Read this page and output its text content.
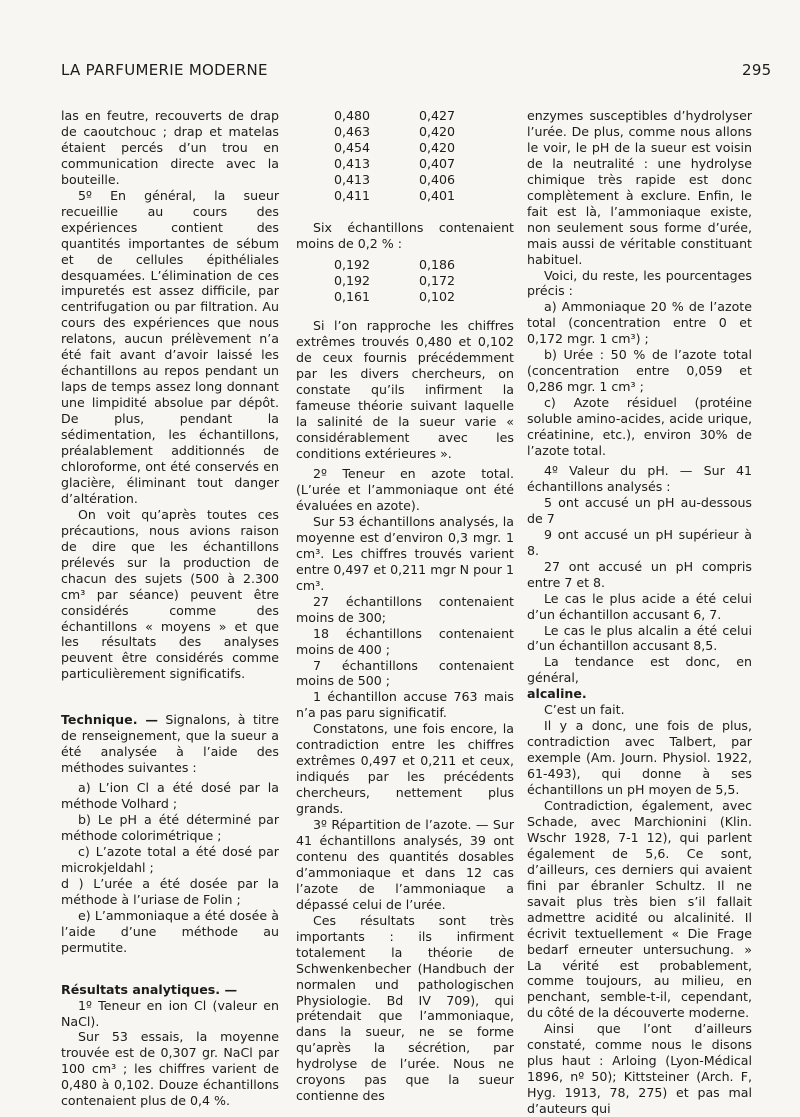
LA PARFUMERIE MODERNE	295
las en feutre, recouverts de drap de caoutchouc ; drap et matelas étaient percés d’un trou en communication directe avec la bouteille.
5º En général, la sueur recueillie au cours des expériences contient des quantités importantes de sébum et de cellules épithéliales desquamées. L’élimination de ces impuretés est assez difficile, par centrifugation ou par filtration. Au cours des expériences que nous relatons, aucun prélèvement n’a été fait avant d’avoir laissé les échantillons au repos pendant un laps de temps assez long donnant une limpidité absolue par dépôt. De plus, pendant la sédimentation, les échantillons, préalablement additionnés de chloroforme, ont été conservés en glacière, éliminant tout danger d’altération.
On voit qu’après toutes ces précautions, nous avions raison de dire que les échantillons prélevés sur la production de chacun des sujets (500 à 2.300 cm³ par séance) peuvent être considérés comme des échantillons « moyens » et que les résultats des analyses peuvent être considérés comme particulièrement significatifs.
Technique. — Signalons, à titre de renseignement, que la sueur a été analysée à l’aide des méthodes suivantes :
a) L’ion Cl a été dosé par la méthode Volhard ;
b) Le pH a été déterminé par méthode colorimétrique ;
c) L’azote total a été dosé par microkjeldahl ;
d ) L’urée a été dosée par la méthode à l’uriase de Folin ;
e) L’ammoniaque a été dosée à l’aide d’une méthode au permutite.
Résultats analytiques. —
1º Teneur en ion Cl (valeur en NaCl).
Sur 53 essais, la moyenne trouvée est de 0,307 gr. NaCl par 100 cm³ ; les chiffres varient de 0,480 à 0,102. Douze échantillons contenaient plus de 0,4 %.
0,480	0,427
0,463	0,420
0,454	0,420
0,413	0,407
0,413	0,406
0,411	0,401
Six échantillons contenaient moins de 0,2 % :
0,192	0,186
0,192	0,172
0,161	0,102
Si l’on rapproche les chiffres extrêmes trouvés 0,480 et 0,102 de ceux fournis précédemment par les divers chercheurs, on constate qu’ils infirment la fameuse théorie suivant laquelle la salinité de la sueur varie « considérablement avec les conditions extérieures ».
2º Teneur en azote total. (L’urée et l’ammoniaque ont été évaluées en azote).
Sur 53 échantillons analysés, la moyenne est d’environ 0,3 mgr. 1 cm³. Les chiffres trouvés varient entre 0,497 et 0,211 mgr N pour 1 cm³.
27 échantillons contenaient moins de 300;
18 échantillons contenaient moins de 400 ;
7 échantillons contenaient moins de 500 ;
1 échantillon accuse 763 mais n’a pas paru significatif.
Constatons, une fois encore, la contradiction entre les chiffres extrêmes 0,497 et 0,211 et ceux, indiqués par les précédents chercheurs, nettement plus grands.
3º Répartition de l’azote. — Sur 41 échantillons analysés, 39 ont contenu des quantités dosables d’ammoniaque et dans 12 cas l’azote de l’ammoniaque a dépassé celui de l’urée.
Ces résultats sont très importants : ils infirment totalement la théorie de Schwenkenbecher (Handbuch der normalen und pathologischen Physiologie. Bd IV 709), qui prétendait que l’ammoniaque, dans la sueur, ne se forme qu’après la sécrétion, par hydrolyse de l’urée. Nous ne croyons pas que la sueur contienne des
enzymes susceptibles d’hydrolyser l’urée. De plus, comme nous allons le voir, le pH de la sueur est voisin de la neutralité : une hydrolyse chimique très rapide est donc complètement à exclure. Enfin, le fait est là, l’ammoniaque existe, non seulement sous forme d’urée, mais aussi de véritable constituant habituel.
Voici, du reste, les pourcentages précis :
a) Ammoniaque 20 % de l’azote total (concentration entre 0 et 0,172 mgr. 1 cm³) ;
b) Urée : 50 % de l’azote total (concentration entre 0,059 et 0,286 mgr. 1 cm³ ;
c) Azote résiduel (protéine soluble amino-acides, acide urique, créatinine, etc.), environ 30% de l’azote total.
4º Valeur du pH. — Sur 41 échantillons analysés :
5 ont accusé un pH au-dessous de 7
9 ont accusé un pH supérieur à 8.
27 ont accusé un pH compris entre 7 et 8.
Le cas le plus acide a été celui d’un échantillon accusant 6, 7.
Le cas le plus alcalin a été celui d’un échantillon accusant 8,5.
La tendance est donc, en général,
alcaline.
C’est un fait.
Il y a donc, une fois de plus, contradiction avec Talbert, par exemple (Am. Journ. Physiol. 1922, 61-493), qui donne à ses échantillons un pH moyen de 5,5.
Contradiction, également, avec Schade, avec Marchionini (Klin. Wschr 1928, 7-1 12), qui parlent également de 5,6. Ce sont, d’ailleurs, ces derniers qui avaient fini par ébranler Schultz. Il ne savait plus très bien s’il fallait admettre acidité ou alcalinité. Il écrivit textuellement « Die Frage bedarf erneuter untersuchung. » La vérité est probablement, comme toujours, au milieu, en penchant, semble-t-il, cependant, du côté de la découverte moderne.
Ainsi que l’ont d’ailleurs constaté, comme nous le disons plus haut : Arloing (Lyon-Médical 1896, nº 50); Kittsteiner (Arch. F, Hyg. 1913, 78, 275) et pas mal d’auteurs qui
